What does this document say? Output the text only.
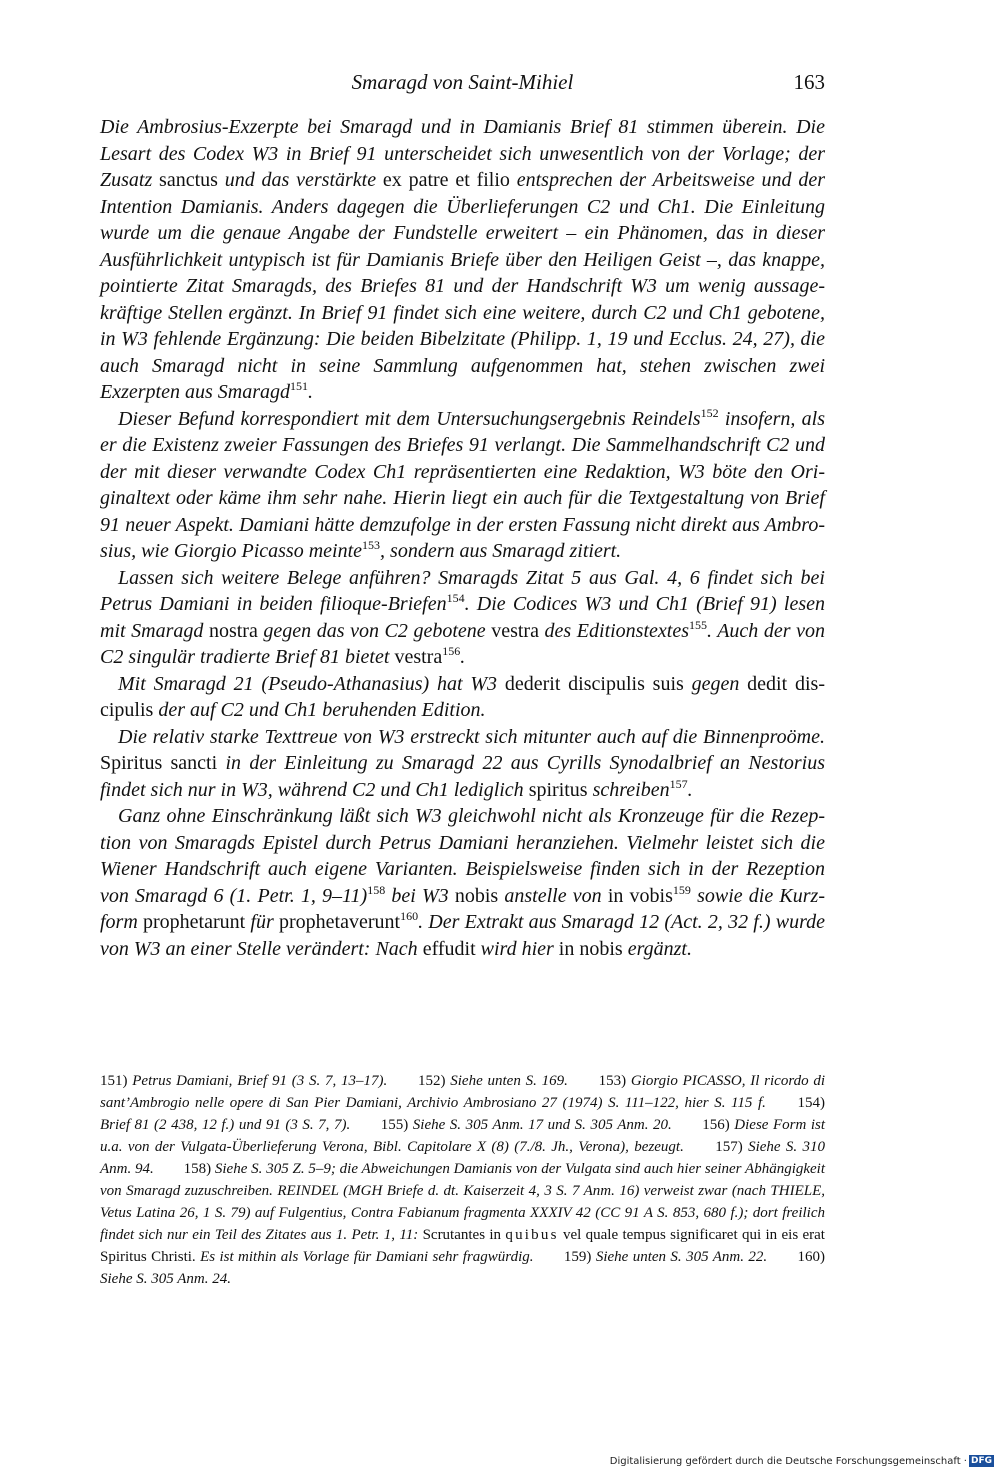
Smaragd von Saint-Mihiel	163

Die Ambrosius-Exzerpte bei Smaragd und in Damianis Brief 81 stimmen überein. Die Lesart des Codex W3 in Brief 91 unterscheidet sich unwesentlich von der Vorlage; der Zusatz sanctus und das verstärkte ex patre et filio entsprechen der Arbeitsweise und der Intention Damianis. Anders dagegen die Überlieferungen C2 und Ch1. Die Einleitung wurde um die genaue Angabe der Fundstelle erweitert – ein Phänomen, das in dieser Ausführlichkeit untypisch ist für Damianis Briefe über den Heiligen Geist –, das knappe, pointierte Zitat Smaragds, des Briefes 81 und der Handschrift W3 um wenig aussagekräftige Stellen ergänzt. In Brief 91 findet sich eine weitere, durch C2 und Ch1 gebotene, in W3 fehlende Ergänzung: Die beiden Bibelzitate (Philipp. 1, 19 und Ecclus. 24, 27), die auch Smaragd nicht in seine Sammlung aufgenommen hat, stehen zwischen zwei Exzerpten aus Smaragd$^{151}$.

Dieser Befund korrespondiert mit dem Untersuchungsergebnis Reindels$^{152}$ insofern, als er die Existenz zweier Fassungen des Briefes 91 verlangt. Die Sammelhandschrift C2 und der mit dieser verwandte Codex Ch1 repräsentierten eine Redaktion, W3 böte den Originaltext oder käme ihm sehr nahe. Hierin liegt ein auch für die Textgestaltung von Brief 91 neuer Aspekt. Damiani hätte demzufolge in der ersten Fassung nicht direkt aus Ambrosius, wie Giorgio Picasso meinte$^{153}$, sondern aus Smaragd zitiert.

Lassen sich weitere Belege anführen? Smaragds Zitat 5 aus Gal. 4, 6 findet sich bei Petrus Damiani in beiden filioque-Briefen$^{154}$. Die Codices W3 und Ch1 (Brief 91) lesen mit Smaragd nostra gegen das von C2 gebotene vestra des Editionstextes$^{155}$. Auch der von C2 singulär tradierte Brief 81 bietet vestra$^{156}$.

Mit Smaragd 21 (Pseudo-Athanasius) hat W3 dederit discipulis suis gegen dedit discipulis der auf C2 und Ch1 beruhenden Edition.

Die relativ starke Texttreue von W3 erstreckt sich mitunter auch auf die Binnenproöme. Spiritus sancti in der Einleitung zu Smaragd 22 aus Cyrills Synodalbrief an Nestorius findet sich nur in W3, während C2 und Ch1 lediglich spiritus schreiben$^{157}$.

Ganz ohne Einschränkung läßt sich W3 gleichwohl nicht als Kronzeuge für die Rezeption von Smaragds Epistel durch Petrus Damiani heranziehen. Vielmehr leistet sich die Wiener Handschrift auch eigene Varianten. Beispielsweise finden sich in der Rezeption von Smaragd 6 (1. Petr. 1, 9–11)$^{158}$ bei W3 nobis anstelle von in vobis$^{159}$ sowie die Kurzform prophetarunt für prophetaverunt$^{160}$. Der Extrakt aus Smaragd 12 (Act. 2, 32 f.) wurde von W3 an einer Stelle verändert: Nach effudit wird hier in nobis ergänzt.

151) Petrus Damiani, Brief 91 (3 S. 7, 13–17). 152) Siehe unten S. 169. 153) Giorgio PICASSO, Il ricordo di sant’Ambrogio nelle opere di San Pier Damiani, Archivio Ambrosiano 27 (1974) S. 111–122, hier S. 115 f. 154) Brief 81 (2 438, 12 f.) und 91 (3 S. 7, 7). 155) Siehe S. 305 Anm. 17 und S. 305 Anm. 20. 156) Diese Form ist u.a. von der Vulgata-Überlieferung Verona, Bibl. Capitolare X (8) (7./8. Jh., Verona), bezeugt. 157) Siehe S. 310 Anm. 94. 158) Siehe S. 305 Z. 5–9; die Abweichungen Damianis von der Vulgata sind auch hier seiner Abhängigkeit von Smaragd zuzuschreiben. REINDEL (MGH Briefe d. dt. Kaiserzeit 4, 3 S. 7 Anm. 16) verweist zwar (nach THIELE, Vetus Latina 26, 1 S. 79) auf Fulgentius, Contra Fabianum fragmenta XXXIV 42 (CC 91 A S. 853, 680 f.); dort freilich findet sich nur ein Teil des Zitates aus 1. Petr. 1, 11: Scrutantes in quibus vel quale tempus significaret qui in eis erat Spiritus Christi. Es ist mithin als Vorlage für Damiani sehr fragwürdig. 159) Siehe unten S. 305 Anm. 22. 160) Siehe S. 305 Anm. 24.
Digitalisierung gefördert durch die Deutsche Forschungsgemeinschaft · DFG
